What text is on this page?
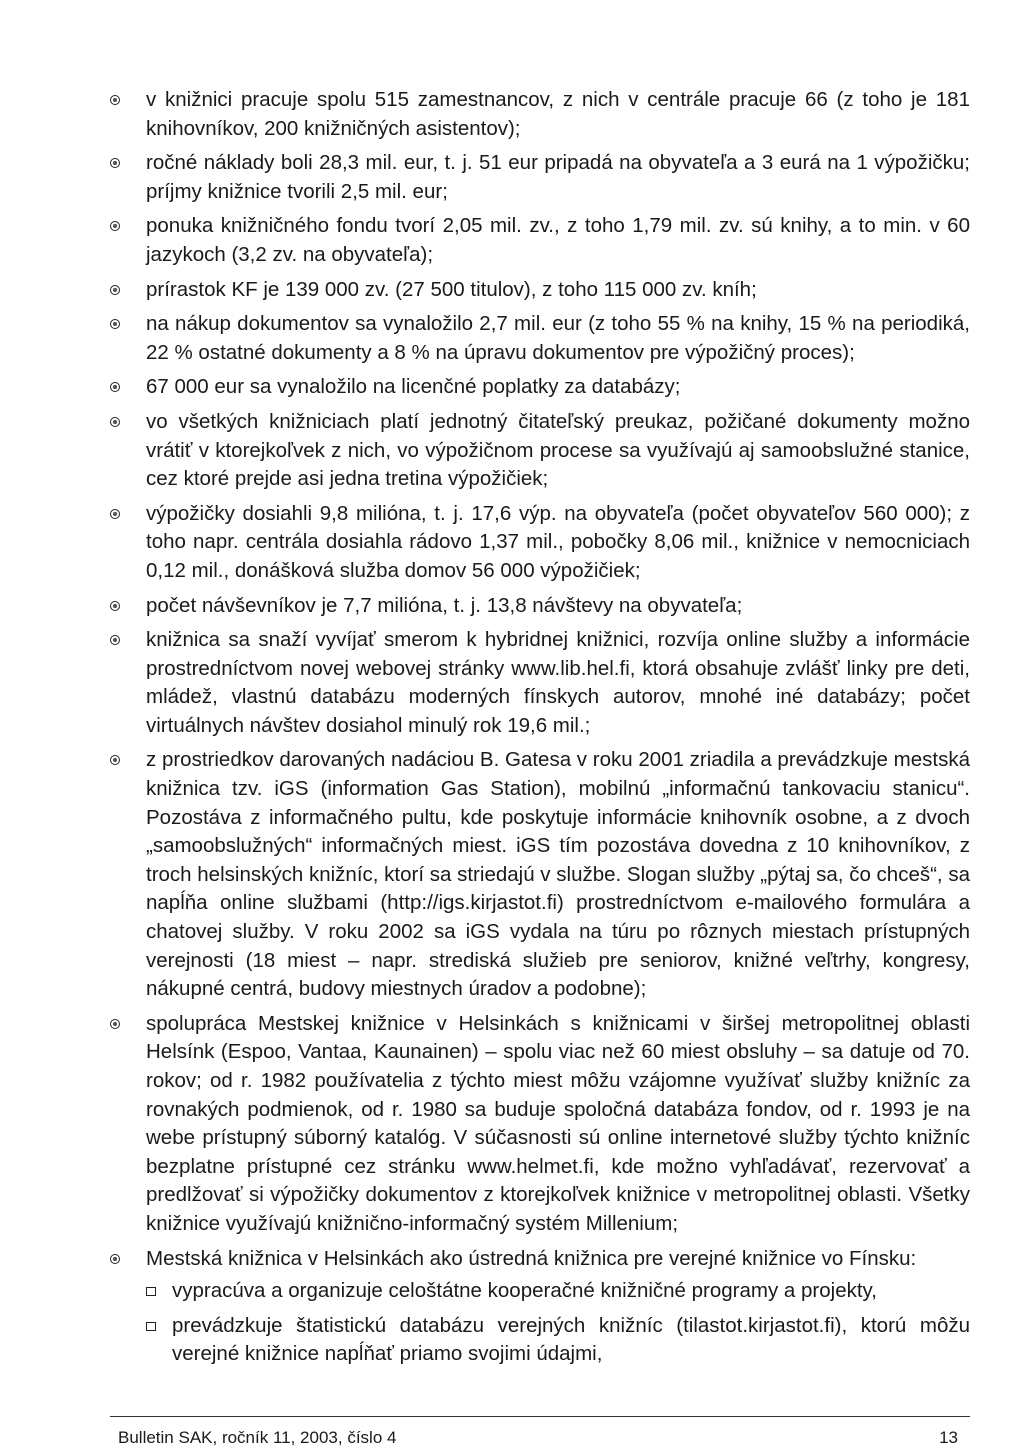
v knižnici pracuje spolu 515 zamestnancov, z nich v centrále pracuje 66 (z toho je 181 knihovníkov, 200 knižničných asistentov);
ročné náklady boli 28,3 mil. eur, t. j. 51 eur pripadá na obyvateľa a 3 eurá na 1 výpožičku; príjmy knižnice tvorili 2,5 mil. eur;
ponuka knižničného fondu tvorí 2,05 mil. zv., z toho 1,79 mil. zv. sú knihy, a to min. v 60 jazykoch (3,2 zv. na obyvateľa);
prírastok KF je 139 000 zv. (27 500 titulov), z toho 115 000 zv. kníh;
na nákup dokumentov sa vynaložilo 2,7 mil. eur (z toho 55 % na knihy, 15 % na periodiká, 22 % ostatné dokumenty a 8 % na úpravu dokumentov pre výpožičný proces);
67 000 eur sa vynaložilo na licenčné poplatky za databázy;
vo všetkých knižniciach platí jednotný čitateľský preukaz, požičané dokumenty možno vrátiť v ktorejkoľvek z nich, vo výpožičnom procese sa využívajú aj samoobslužné stanice, cez ktoré prejde asi jedna tretina výpožičiek;
výpožičky dosiahli 9,8 milióna, t. j. 17,6 výp. na obyvateľa (počet obyvateľov 560 000); z toho napr. centrála dosiahla rádovo 1,37 mil., pobočky 8,06 mil., knižnice v nemocniciach 0,12 mil., donášková služba domov 56 000 výpožičiek;
počet návševníkov je 7,7 milióna, t. j. 13,8 návštevy na obyvateľa;
knižnica sa snaží vyvíjať smerom k hybridnej knižnici, rozvíja online služby a informácie prostredníctvom novej webovej stránky www.lib.hel.fi, ktorá obsahuje zvlášť linky pre deti, mládež, vlastnú databázu moderných fínskych autorov, mnohé iné databázy; počet virtuálnych návštev dosiahol minulý rok 19,6 mil.;
z prostriedkov darovaných nadáciou B. Gatesa v roku 2001 zriadila a prevádzkuje mestská knižnica tzv. iGS (information Gas Station), mobilnú „informačnú tankovaciu stanicu“. Pozostáva z informačného pultu, kde poskytuje informácie knihovník osobne, a z dvoch „samoobslužných“ informačných miest. iGS tím pozostáva dovedna z 10 knihovníkov, z troch helsinských knižníc, ktorí sa striedajú v službe. Slogan služby „pýtaj sa, čo chceš“, sa napĺňa online službami (http://igs.kirjastot.fi) prostredníctvom e-mailového formulára a chatovej služby. V roku 2002 sa iGS vydala na túru po rôznych miestach prístupných verejnosti (18 miest – napr. strediská služieb pre seniorov, knižné veľtrhy, kongresy, nákupné centrá, budovy miestnych úradov a podobne);
spolupráca Mestskej knižnice v Helsinkách s knižnicami v širšej metropolitnej oblasti Helsínk (Espoo, Vantaa, Kaunainen) – spolu viac než 60 miest obsluhy – sa datuje od 70. rokov; od r. 1982 používatelia z týchto miest môžu vzájomne využívať služby knižníc za rovnakých podmienok, od r. 1980 sa buduje spoločná databáza fondov, od r. 1993 je na webe prístupný súborný katalóg. V súčasnosti sú online internetové služby týchto knižníc bezplatne prístupné cez stránku www.helmet.fi, kde možno vyhľadávať, rezervovať a predlžovať si výpožičky dokumentov z ktorejkoľvek knižnice v metropolitnej oblasti. Všetky knižnice využívajú knižnično-informačný systém Millenium;
Mestská knižnica v Helsinkách ako ústredná knižnica pre verejné knižnice vo Fínsku:
vypracúva a organizuje celoštátne kooperačné knižničné programy a projekty,
prevádzkuje štatistickú databázu verejných knižníc (tilastot.kirjastot.fi), ktorú môžu verejné knižnice napĺňať priamo svojimi údajmi,
Bulletin SAK, ročník 11, 2003, číslo 4	13
